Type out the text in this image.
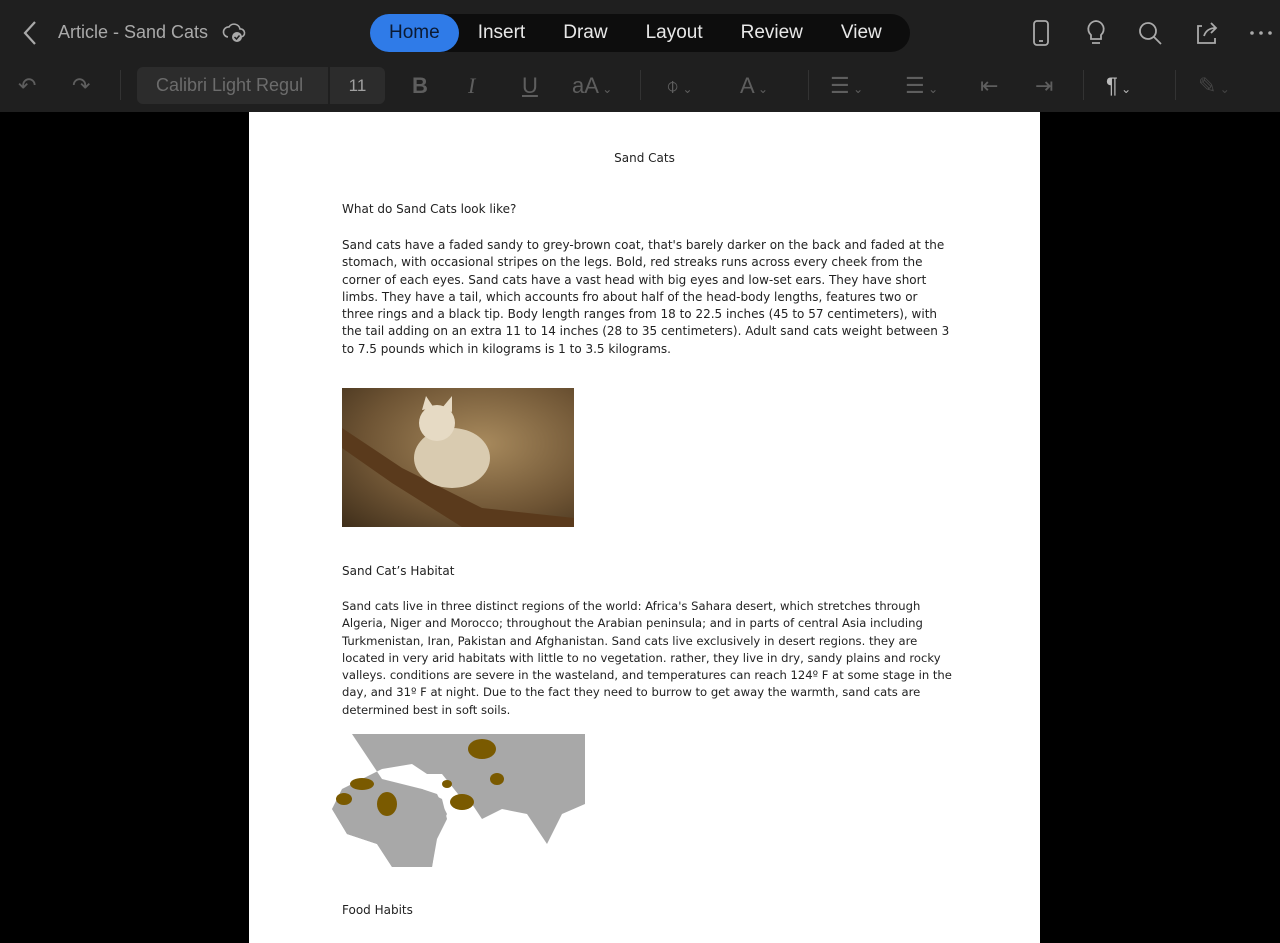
Article - Sand Cats	Home	Insert	Draw	Layout	Review	View
↶ ↷	Calibri Light Regul	11	B I U aA ⌄ ⌽ ⌄ A ⌄	☰ ⌄ ☰ ⌄ ⇤ ⇥ ¶ ⌄	✎ ⌄
Sand Cats
What do Sand Cats look like?
Sand cats have a faded sandy to grey-brown coat, that's barely darker on the back and faded at the stomach, with occasional stripes on the legs. Bold, red streaks runs across every cheek from the corner of each eyes. Sand cats have a vast head with big eyes and low-set ears. They have short limbs. They have a tail, which accounts fro about half of the head-body lengths, features two or three rings and a black tip. Body length ranges from 18 to 22.5 inches (45 to 57 centimeters), with the tail adding on an extra 11 to 14 inches (28 to 35 centimeters). Adult sand cats weight between 3 to 7.5 pounds which in kilograms is 1 to 3.5 kilograms.
Sand Cat’s Habitat
Sand cats live in three distinct regions of the world: Africa's Sahara desert, which stretches through Algeria, Niger and Morocco; throughout the Arabian peninsula; and in parts of central Asia including Turkmenistan, Iran, Pakistan and Afghanistan. Sand cats live exclusively in desert regions. they are located in very arid habitats with little to no vegetation. rather, they live in dry, sandy plains and rocky valleys. conditions are severe in the wasteland, and temperatures can reach 124º F at some stage in the day, and 31º F at night. Due to the fact they need to burrow to get away the warmth, sand cats are determined best in soft soils.
Food Habits
